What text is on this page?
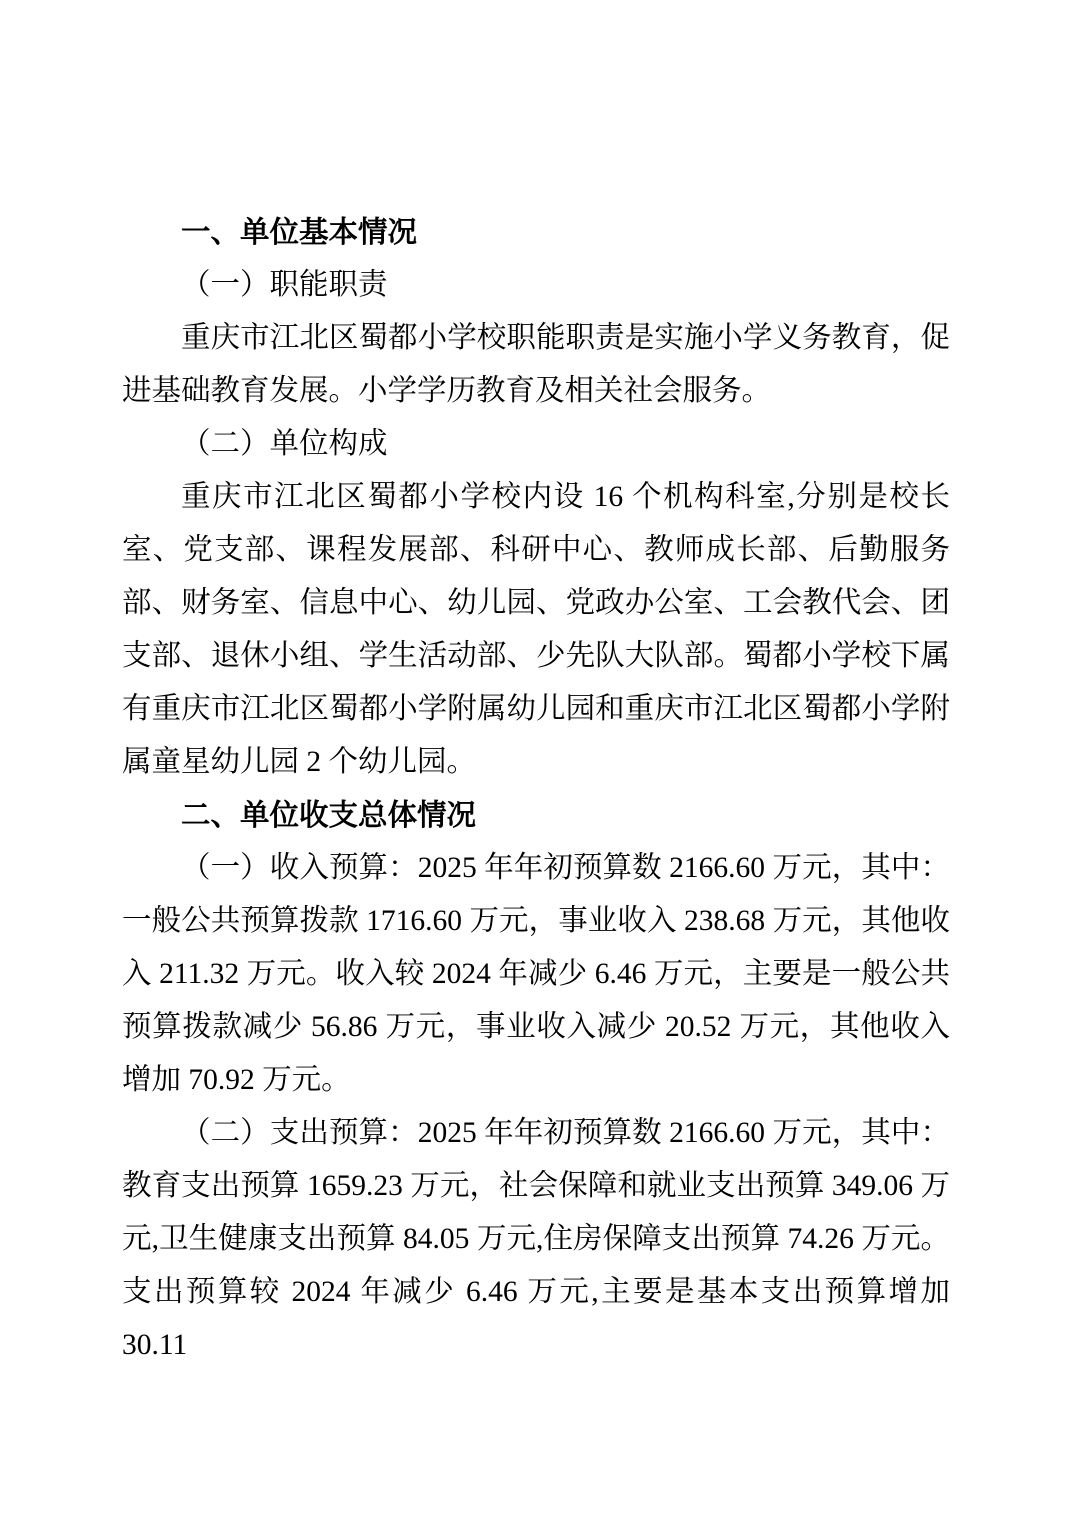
一、单位基本情况
（一）职能职责
重庆市江北区蜀都小学校职能职责是实施小学义务教育，促进基础教育发展。小学学历教育及相关社会服务。
（二）单位构成
重庆市江北区蜀都小学校内设 16 个机构科室,分别是校长室、党支部、课程发展部、科研中心、教师成长部、后勤服务部、财务室、信息中心、幼儿园、党政办公室、工会教代会、团支部、退休小组、学生活动部、少先队大队部。蜀都小学校下属有重庆市江北区蜀都小学附属幼儿园和重庆市江北区蜀都小学附属童星幼儿园 2 个幼儿园。
二、单位收支总体情况
（一）收入预算：2025 年年初预算数 2166.60 万元，其中：一般公共预算拨款 1716.60 万元，事业收入 238.68 万元，其他收入 211.32 万元。收入较 2024 年减少 6.46 万元，主要是一般公共预算拨款减少 56.86 万元，事业收入减少 20.52 万元，其他收入增加 70.92 万元。
（二）支出预算：2025 年年初预算数 2166.60 万元，其中：教育支出预算 1659.23 万元，社会保障和就业支出预算 349.06 万元,卫生健康支出预算 84.05 万元,住房保障支出预算 74.26 万元。支出预算较 2024 年减少 6.46 万元,主要是基本支出预算增加 30.11
